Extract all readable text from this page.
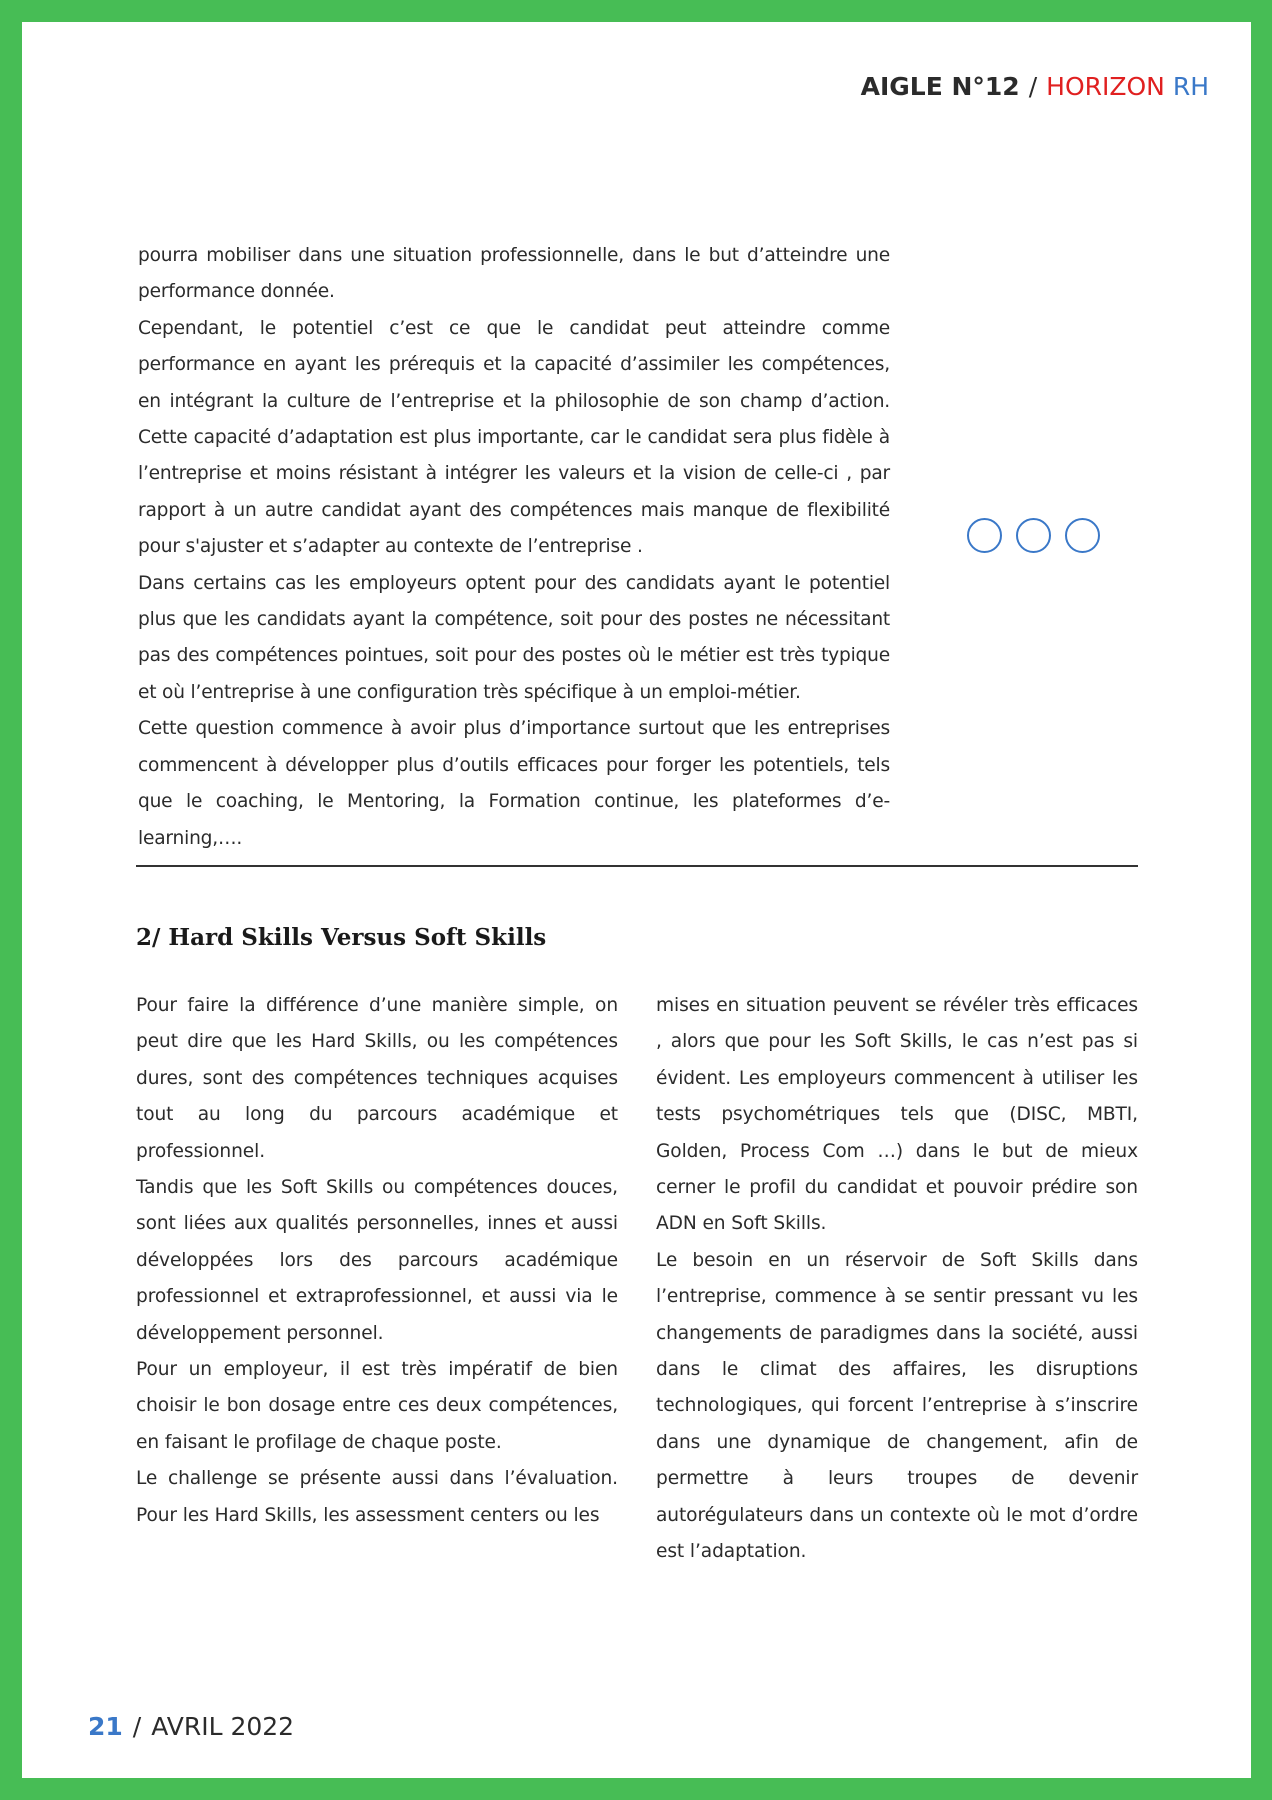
AIGLE N°12 / HORIZON RH

pourra mobiliser dans une situation professionnelle, dans le but d’atteindre une performance donnée.

Cependant, le potentiel c’est ce que le candidat peut atteindre comme performance en ayant les prérequis et la capacité d’assimiler les compétences, en intégrant la culture de l’entreprise et la philosophie de son champ d’action. Cette capacité d’adaptation est plus importante, car le candidat sera plus fidèle à l’entreprise et moins résistant à intégrer les valeurs et la vision de celle-ci , par rapport à un autre candidat ayant des compétences mais manque de flexibilité pour s'ajuster et s’adapter au contexte de l’entreprise .

Dans certains cas les employeurs optent pour des candidats ayant le potentiel plus que les candidats ayant la compétence, soit pour des postes ne nécessitant pas des compétences pointues, soit pour des postes où le métier est très typique et où l’entreprise à une configuration très spécifique à un emploi-métier.

Cette question commence à avoir plus d’importance surtout que les entreprises commencent à développer plus d’outils efficaces pour forger les potentiels, tels que le coaching, le Mentoring, la Formation continue, les plateformes d’e-learning,….

2/ Hard Skills Versus Soft Skills

Pour faire la différence d’une manière simple, on peut dire que les Hard Skills, ou les compétences dures, sont des compétences techniques acquises tout au long du parcours académique et professionnel.

Tandis que les Soft Skills ou compétences douces, sont liées aux qualités personnelles, innes et aussi développées lors des parcours académique professionnel et extraprofessionnel, et aussi via le développement personnel.

Pour un employeur, il est très impératif de bien choisir le bon dosage entre ces deux compétences, en faisant le profilage de chaque poste.

Le challenge se présente aussi dans l’évaluation. Pour les Hard Skills, les assessment centers ou les

mises en situation peuvent se révéler très efficaces , alors que pour les Soft Skills, le cas n’est pas si évident. Les employeurs commencent à utiliser les tests psychométriques tels que (DISC, MBTI, Golden, Process Com …) dans le but de mieux cerner le profil du candidat et pouvoir prédire son ADN en Soft Skills.

Le besoin en un réservoir de Soft Skills dans l’entreprise, commence à se sentir pressant vu les changements de paradigmes dans la société, aussi dans le climat des affaires, les disruptions technologiques, qui forcent l’entreprise à s’inscrire dans une dynamique de changement, afin de permettre à leurs troupes de devenir autorégulateurs dans un contexte où le mot d’ordre est l’adaptation.

21 / AVRIL 2022
